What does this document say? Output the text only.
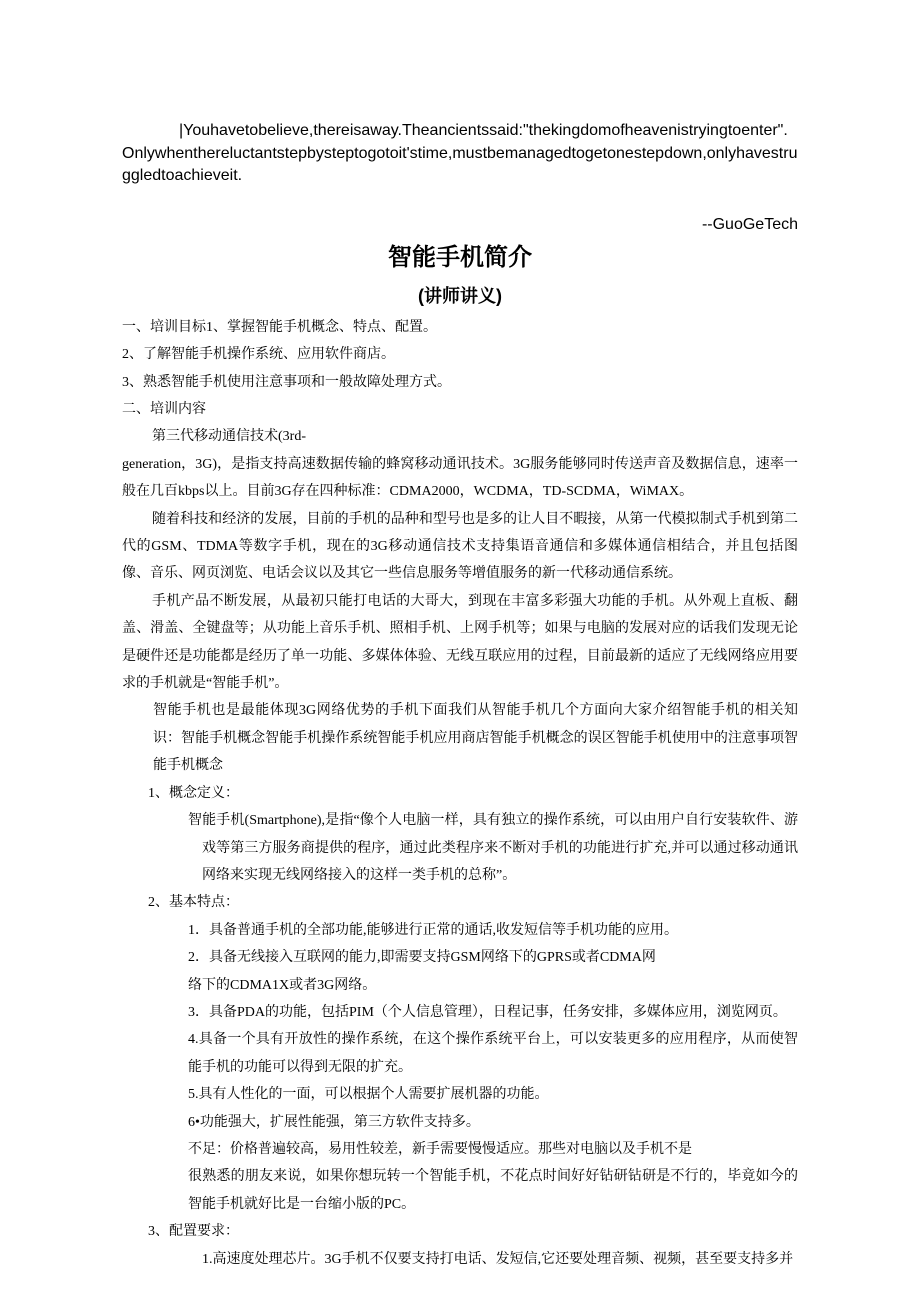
|Youhavetobelieve,thereisaway.Theancientssaid:"thekingdomofheavenistryingtoenter".Onlywhenthereluctantstepbysteptogotoit'stime,mustbemanagedtogetonestepdown,onlyhavestruggledtoachieveit.

--GuoGeTech

智能手机简介
(讲师讲义)

一、培训目标1、掌握智能手机概念、特点、配置。

2、了解智能手机操作系统、应用软件商店。

3、熟悉智能手机使用注意事项和一般故障处理方式。

二、培训内容

第三代移动通信技术(3rd-

generation，3G)，是指支持高速数据传输的蜂窝移动通讯技术。3G服务能够同时传送声音及数据信息，速率一般在几百kbps以上。目前3G存在四种标准：CDMA2000，WCDMA，TD-SCDMA，WiMAX。

随着科技和经济的发展，目前的手机的品种和型号也是多的让人目不暇接，从第一代模拟制式手机到第二代的GSM、TDMA等数字手机，现在的3G移动通信技术支持集语音通信和多媒体通信相结合，并且包括图像、音乐、网页浏览、电话会议以及其它一些信息服务等增值服务的新一代移动通信系统。

手机产品不断发展，从最初只能打电话的大哥大，到现在丰富多彩强大功能的手机。从外观上直板、翻盖、滑盖、全键盘等；从功能上音乐手机、照相手机、上网手机等；如果与电脑的发展对应的话我们发现无论是硬件还是功能都是经历了单一功能、多媒体体验、无线互联应用的过程，目前最新的适应了无线网络应用要求的手机就是“智能手机”。

智能手机也是最能体现3G网络优势的手机下面我们从智能手机几个方面向大家介绍智能手机的相关知识：智能手机概念智能手机操作系统智能手机应用商店智能手机概念的误区智能手机使用中的注意事项智能手机概念

1、概念定义：

智能手机(Smartphone),是指“像个人电脑一样，具有独立的操作系统，可以由用户自行安装软件、游戏等第三方服务商提供的程序，通过此类程序来不断对手机的功能进行扩充,并可以通过移动通讯网络来实现无线网络接入的这样一类手机的总称”。

2、基本特点：

1．具备普通手机的全部功能,能够进行正常的通话,收发短信等手机功能的应用。

2．具备无线接入互联网的能力,即需要支持GSM网络下的GPRS或者CDMA网

络下的CDMA1X或者3G网络。

3．具备PDA的功能，包括PIM（个人信息管理），日程记事，任务安排，多媒体应用，浏览网页。

4.具备一个具有开放性的操作系统，在这个操作系统平台上，可以安装更多的应用程序，从而使智能手机的功能可以得到无限的扩充。

5.具有人性化的一面，可以根据个人需要扩展机器的功能。

6•功能强大，扩展性能强，第三方软件支持多。

不足：价格普遍较高，易用性较差，新手需要慢慢适应。那些对电脑以及手机不是

很熟悉的朋友来说，如果你想玩转一个智能手机，不花点时间好好钻研钻研是不行的，毕竟如今的智能手机就好比是一台缩小版的PC。

3、配置要求：

1.高速度处理芯片。3G手机不仅要支持打电话、发短信,它还要处理音频、视频，甚至要支持多并
